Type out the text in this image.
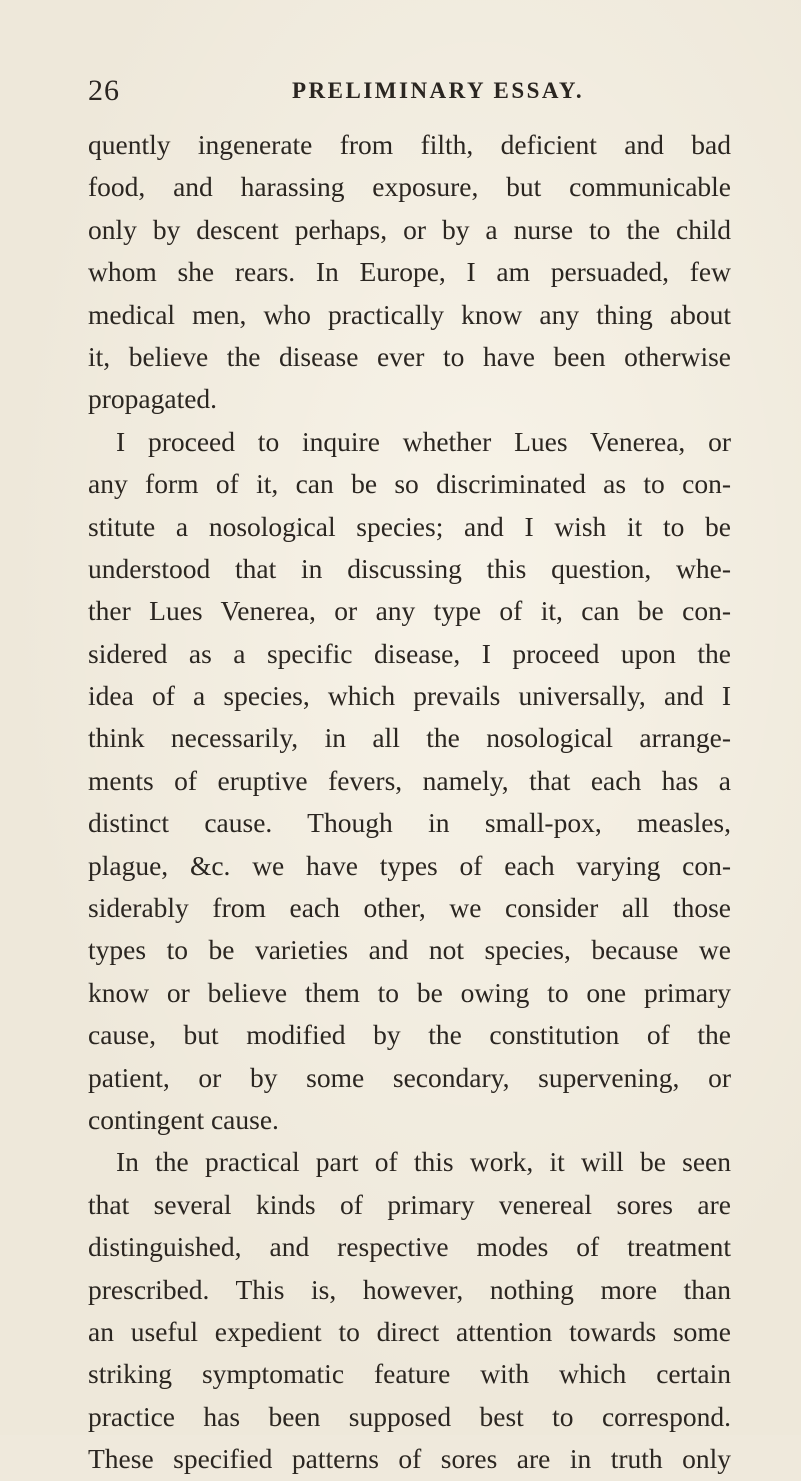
26	PRELIMINARY ESSAY.
quently ingenerate from filth, deficient and bad
food, and harassing exposure, but communicable
only by descent perhaps, or by a nurse to the child
whom she rears. In Europe, I am persuaded, few
medical men, who practically know any thing about
it, believe the disease ever to have been otherwise
propagated.
I proceed to inquire whether Lues Venerea, or
any form of it, can be so discriminated as to con-
stitute a nosological species; and I wish it to be
understood that in discussing this question, whe-
ther Lues Venerea, or any type of it, can be con-
sidered as a specific disease, I proceed upon the
idea of a species, which prevails universally, and I
think necessarily, in all the nosological arrange-
ments of eruptive fevers, namely, that each has a
distinct cause. Though in small-pox, measles,
plague, &c. we have types of each varying con-
siderably from each other, we consider all those
types to be varieties and not species, because we
know or believe them to be owing to one primary
cause, but modified by the constitution of the
patient, or by some secondary, supervening, or
contingent cause.
In the practical part of this work, it will be seen
that several kinds of primary venereal sores are
distinguished, and respective modes of treatment
prescribed. This is, however, nothing more than
an useful expedient to direct attention towards some
striking symptomatic feature with which certain
practice has been supposed best to correspond.
These specified patterns of sores are in truth only
